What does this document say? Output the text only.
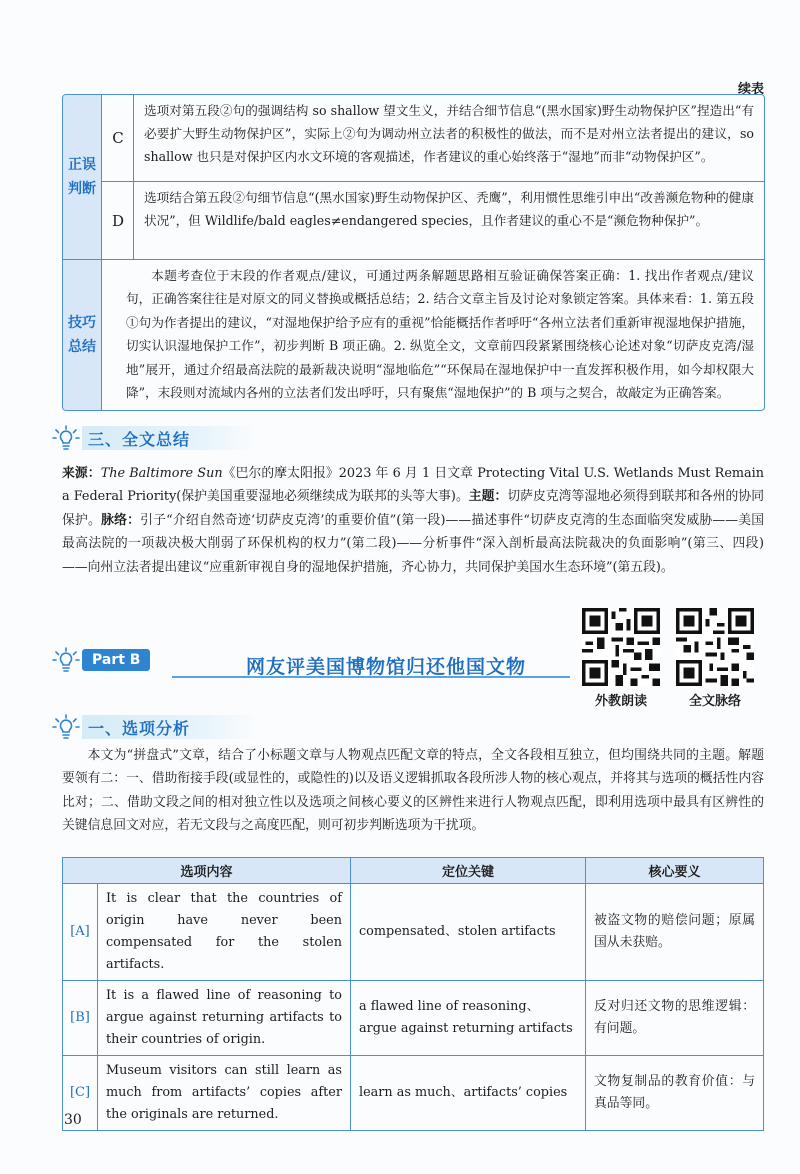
续表
正误判断
C
选项对第五段②句的强调结构 so shallow 望文生义，并结合细节信息“(黑水国家)野生动物保护区”捏造出“有必要扩大野生动物保护区”，实际上②句为调动州立法者的积极性的做法，而不是对州立法者提出的建议，so shallow 也只是对保护区内水文环境的客观描述，作者建议的重心始终落于“湿地”而非“动物保护区”。
D
选项结合第五段②句细节信息“(黑水国家)野生动物保护区、秃鹰”，利用惯性思维引申出“改善濒危物种的健康状况”，但 Wildlife/bald eagles≠endangered species，且作者建议的重心不是“濒危物种保护”。
技巧总结
本题考查位于末段的作者观点/建议，可通过两条解题思路相互验证确保答案正确：1. 找出作者观点/建议句，正确答案往往是对原文的同义替换或概括总结；2. 结合文章主旨及讨论对象锁定答案。具体来看：1. 第五段①句为作者提出的建议，“对湿地保护给予应有的重视”恰能概括作者呼吁“各州立法者们重新审视湿地保护措施，切实认识湿地保护工作”，初步判断 B 项正确。2. 纵览全文，文章前四段紧紧围绕核心论述对象“切萨皮克湾/湿地”展开，通过介绍最高法院的最新裁决说明“湿地临危”“环保局在湿地保护中一直发挥积极作用，如今却权限大降”，末段则对流域内各州的立法者们发出呼吁，只有聚焦“湿地保护”的 B 项与之契合，故敲定为正确答案。
三、全文总结
来源：The Baltimore Sun《巴尔的摩太阳报》2023 年 6 月 1 日文章 Protecting Vital U.S. Wetlands Must Remain a Federal Priority(保护美国重要湿地必须继续成为联邦的头等大事)。主题：切萨皮克湾等湿地必须得到联邦和各州的协同保护。脉络：引子“介绍自然奇迹‘切萨皮克湾’的重要价值”(第一段)——描述事件“切萨皮克湾的生态面临突发威胁——美国最高法院的一项裁决极大削弱了环保机构的权力”(第二段)——分析事件“深入剖析最高法院裁决的负面影响”(第三、四段)——向州立法者提出建议“应重新审视自身的湿地保护措施，齐心协力，共同保护美国水生态环境”(第五段)。
Part B	网友评美国博物馆归还他国文物
外教朗读	全文脉络
一、选项分析
本文为“拼盘式”文章，结合了小标题文章与人物观点匹配文章的特点，全文各段相互独立，但均围绕共同的主题。解题要领有二：一、借助衔接手段(或显性的，或隐性的)以及语义逻辑抓取各段所涉人物的核心观点，并将其与选项的概括性内容比对；二、借助文段之间的相对独立性以及选项之间核心要义的区辨性来进行人物观点匹配，即利用选项中最具有区辨性的关键信息回文对应，若无文段与之高度匹配，则可初步判断选项为干扰项。
选项内容		定位关键	核心要义
[A]	It is clear that the countries of origin have never been compensated for the stolen artifacts.	compensated、stolen artifacts	被盗文物的赔偿问题；原属国从未获赔。
[B]	It is a flawed line of reasoning to argue against returning artifacts to their countries of origin.	a flawed line of reasoning、argue against returning artifacts	反对归还文物的思维逻辑：有问题。
[C]	Museum visitors can still learn as much from artifacts’ copies after the originals are returned.	learn as much、artifacts’ copies	文物复制品的教育价值：与真品等同。
30
